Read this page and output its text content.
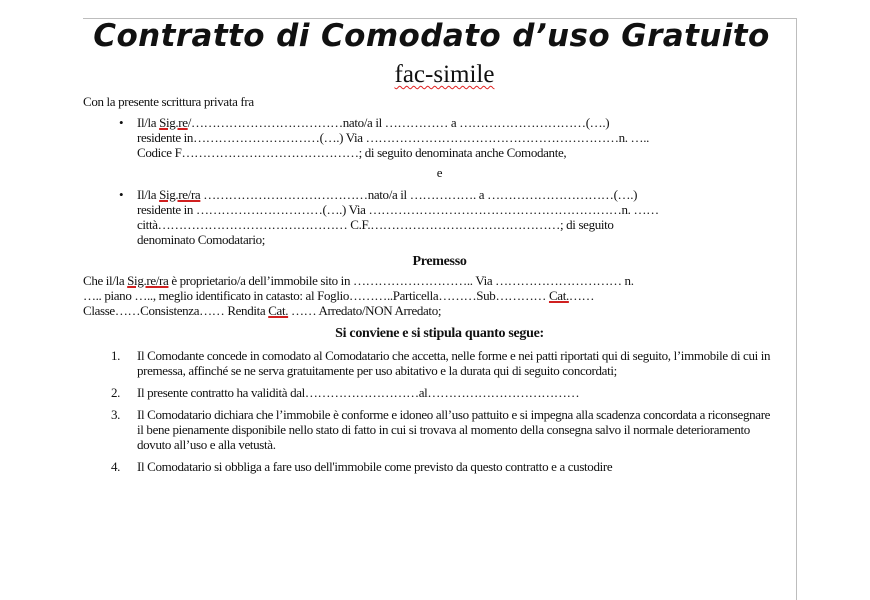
Contratto di Comodato d’uso Gratuito
fac-simile
Con la presente scrittura privata fra
• Il/la Sig.re/………………………………nato/a il …………… a …………………………(….)
residente in…………………………(….) Via ……………………………………………………n. …..
Codice F……………………………………; di seguito denominata anche Comodante,
e
• Il/la Sig.re/ra …………………………………nato/a il ……………. a …………………………(….)
residente in …………………………(….) Via ……………………………………………………n. ……
città……………………………………… C.F.………………………………………; di seguito
denominato Comodatario;
Premesso
Che il/la Sig.re/ra è proprietario/a dell’immobile sito in ……………………….. Via ………………………… n.
….. piano ….., meglio identificato in catasto: al Foglio………..Particella………Sub………… Cat.……
Classe……Consistenza…… Rendita Cat. …… Arredato/NON Arredato;
Si conviene e si stipula quanto segue:
1. Il Comodante concede in comodato al Comodatario che accetta, nelle forme e nei patti riportati qui di seguito, l’immobile di cui in premessa, affinché se ne serva gratuitamente per uso abitativo e la durata qui di seguito concordati;
2. Il presente contratto ha validità dal………………………al………………………………
3. Il Comodatario dichiara che l’immobile è conforme e idoneo all’uso pattuito e si impegna alla scadenza concordata a riconsegnare il bene pienamente disponibile nello stato di fatto in cui si trovava al momento della consegna salvo il normale deterioramento dovuto all’uso e alla vetustà.
4. Il Comodatario si obbliga a fare uso dell'immobile come previsto da questo contratto e a custodire
